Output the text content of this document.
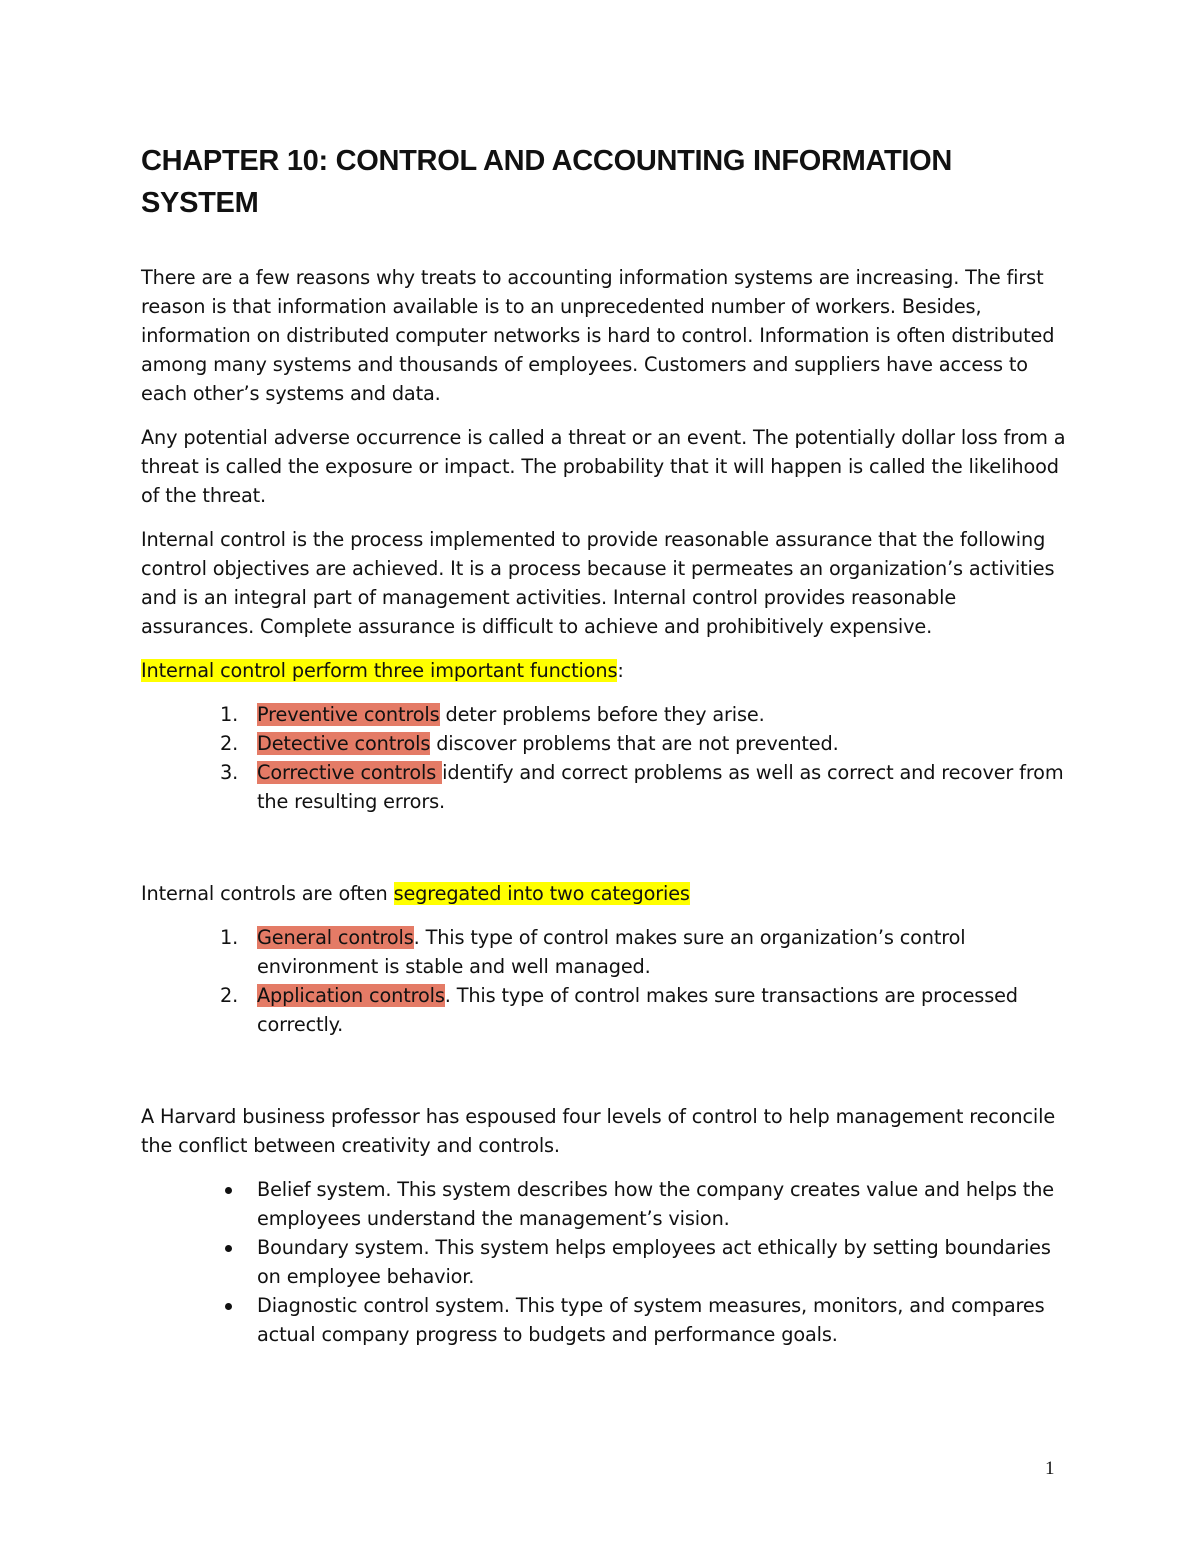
CHAPTER 10: CONTROL AND ACCOUNTING INFORMATION SYSTEM

There are a few reasons why treats to accounting information systems are increasing. The first reason is that information available is to an unprecedented number of workers. Besides, information on distributed computer networks is hard to control. Information is often distributed among many systems and thousands of employees. Customers and suppliers have access to each other’s systems and data.

Any potential adverse occurrence is called a threat or an event. The potentially dollar loss from a threat is called the exposure or impact. The probability that it will happen is called the likelihood of the threat.

Internal control is the process implemented to provide reasonable assurance that the following control objectives are achieved. It is a process because it permeates an organization’s activities and is an integral part of management activities. Internal control provides reasonable assurances. Complete assurance is difficult to achieve and prohibitively expensive.

Internal control perform three important functions:

1. Preventive controls deter problems before they arise.
2. Detective controls discover problems that are not prevented.
3. Corrective controls identify and correct problems as well as correct and recover from the resulting errors.

Internal controls are often segregated into two categories

1. General controls. This type of control makes sure an organization’s control environment is stable and well managed.
2. Application controls. This type of control makes sure transactions are processed correctly.

A Harvard business professor has espoused four levels of control to help management reconcile the conflict between creativity and controls.

Belief system. This system describes how the company creates value and helps the employees understand the management’s vision.
Boundary system. This system helps employees act ethically by setting boundaries on employee behavior.
Diagnostic control system. This type of system measures, monitors, and compares actual company progress to budgets and performance goals.
1
